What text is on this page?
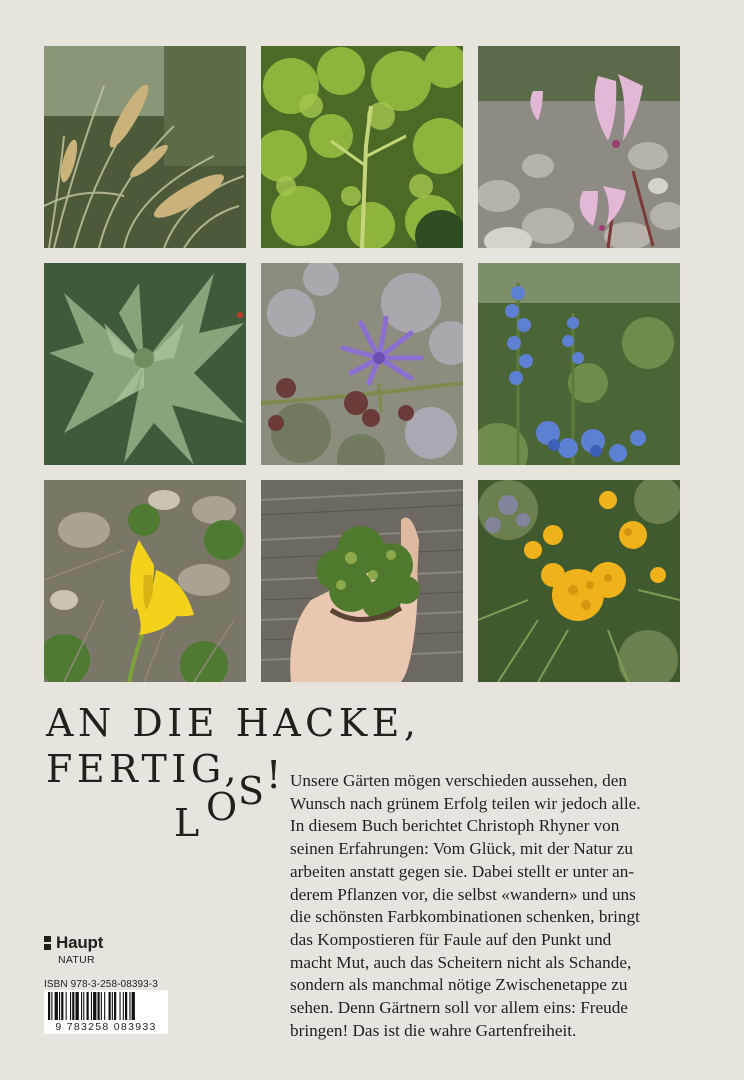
AN DIE HACKE,
FERTIG,
L O
S
! Unsere Gärten mögen verschieden aussehen, den
Wunsch nach grünem Erfolg teilen wir jedoch alle.
In diesem Buch berichtet Christoph Rhyner von
seinen Erfahrungen: Vom Glück, mit der Natur zu
arbeiten anstatt gegen sie. Dabei stellt er unter an-
derem Pflanzen vor, die selbst «wandern» und uns
die schönsten Farbkombinationen schenken, bringt
das Kompostieren für Faule auf den Punkt und
macht Mut, auch das Scheitern nicht als Schande,
sondern als manchmal nötige Zwischenetappe zu
sehen. Denn Gärtnern soll vor allem eins: Freude
bringen! Das ist die wahre Gartenfreiheit.
Haupt
NATUR
ISBN 978-3-258-08393-3
9 783258 083933
